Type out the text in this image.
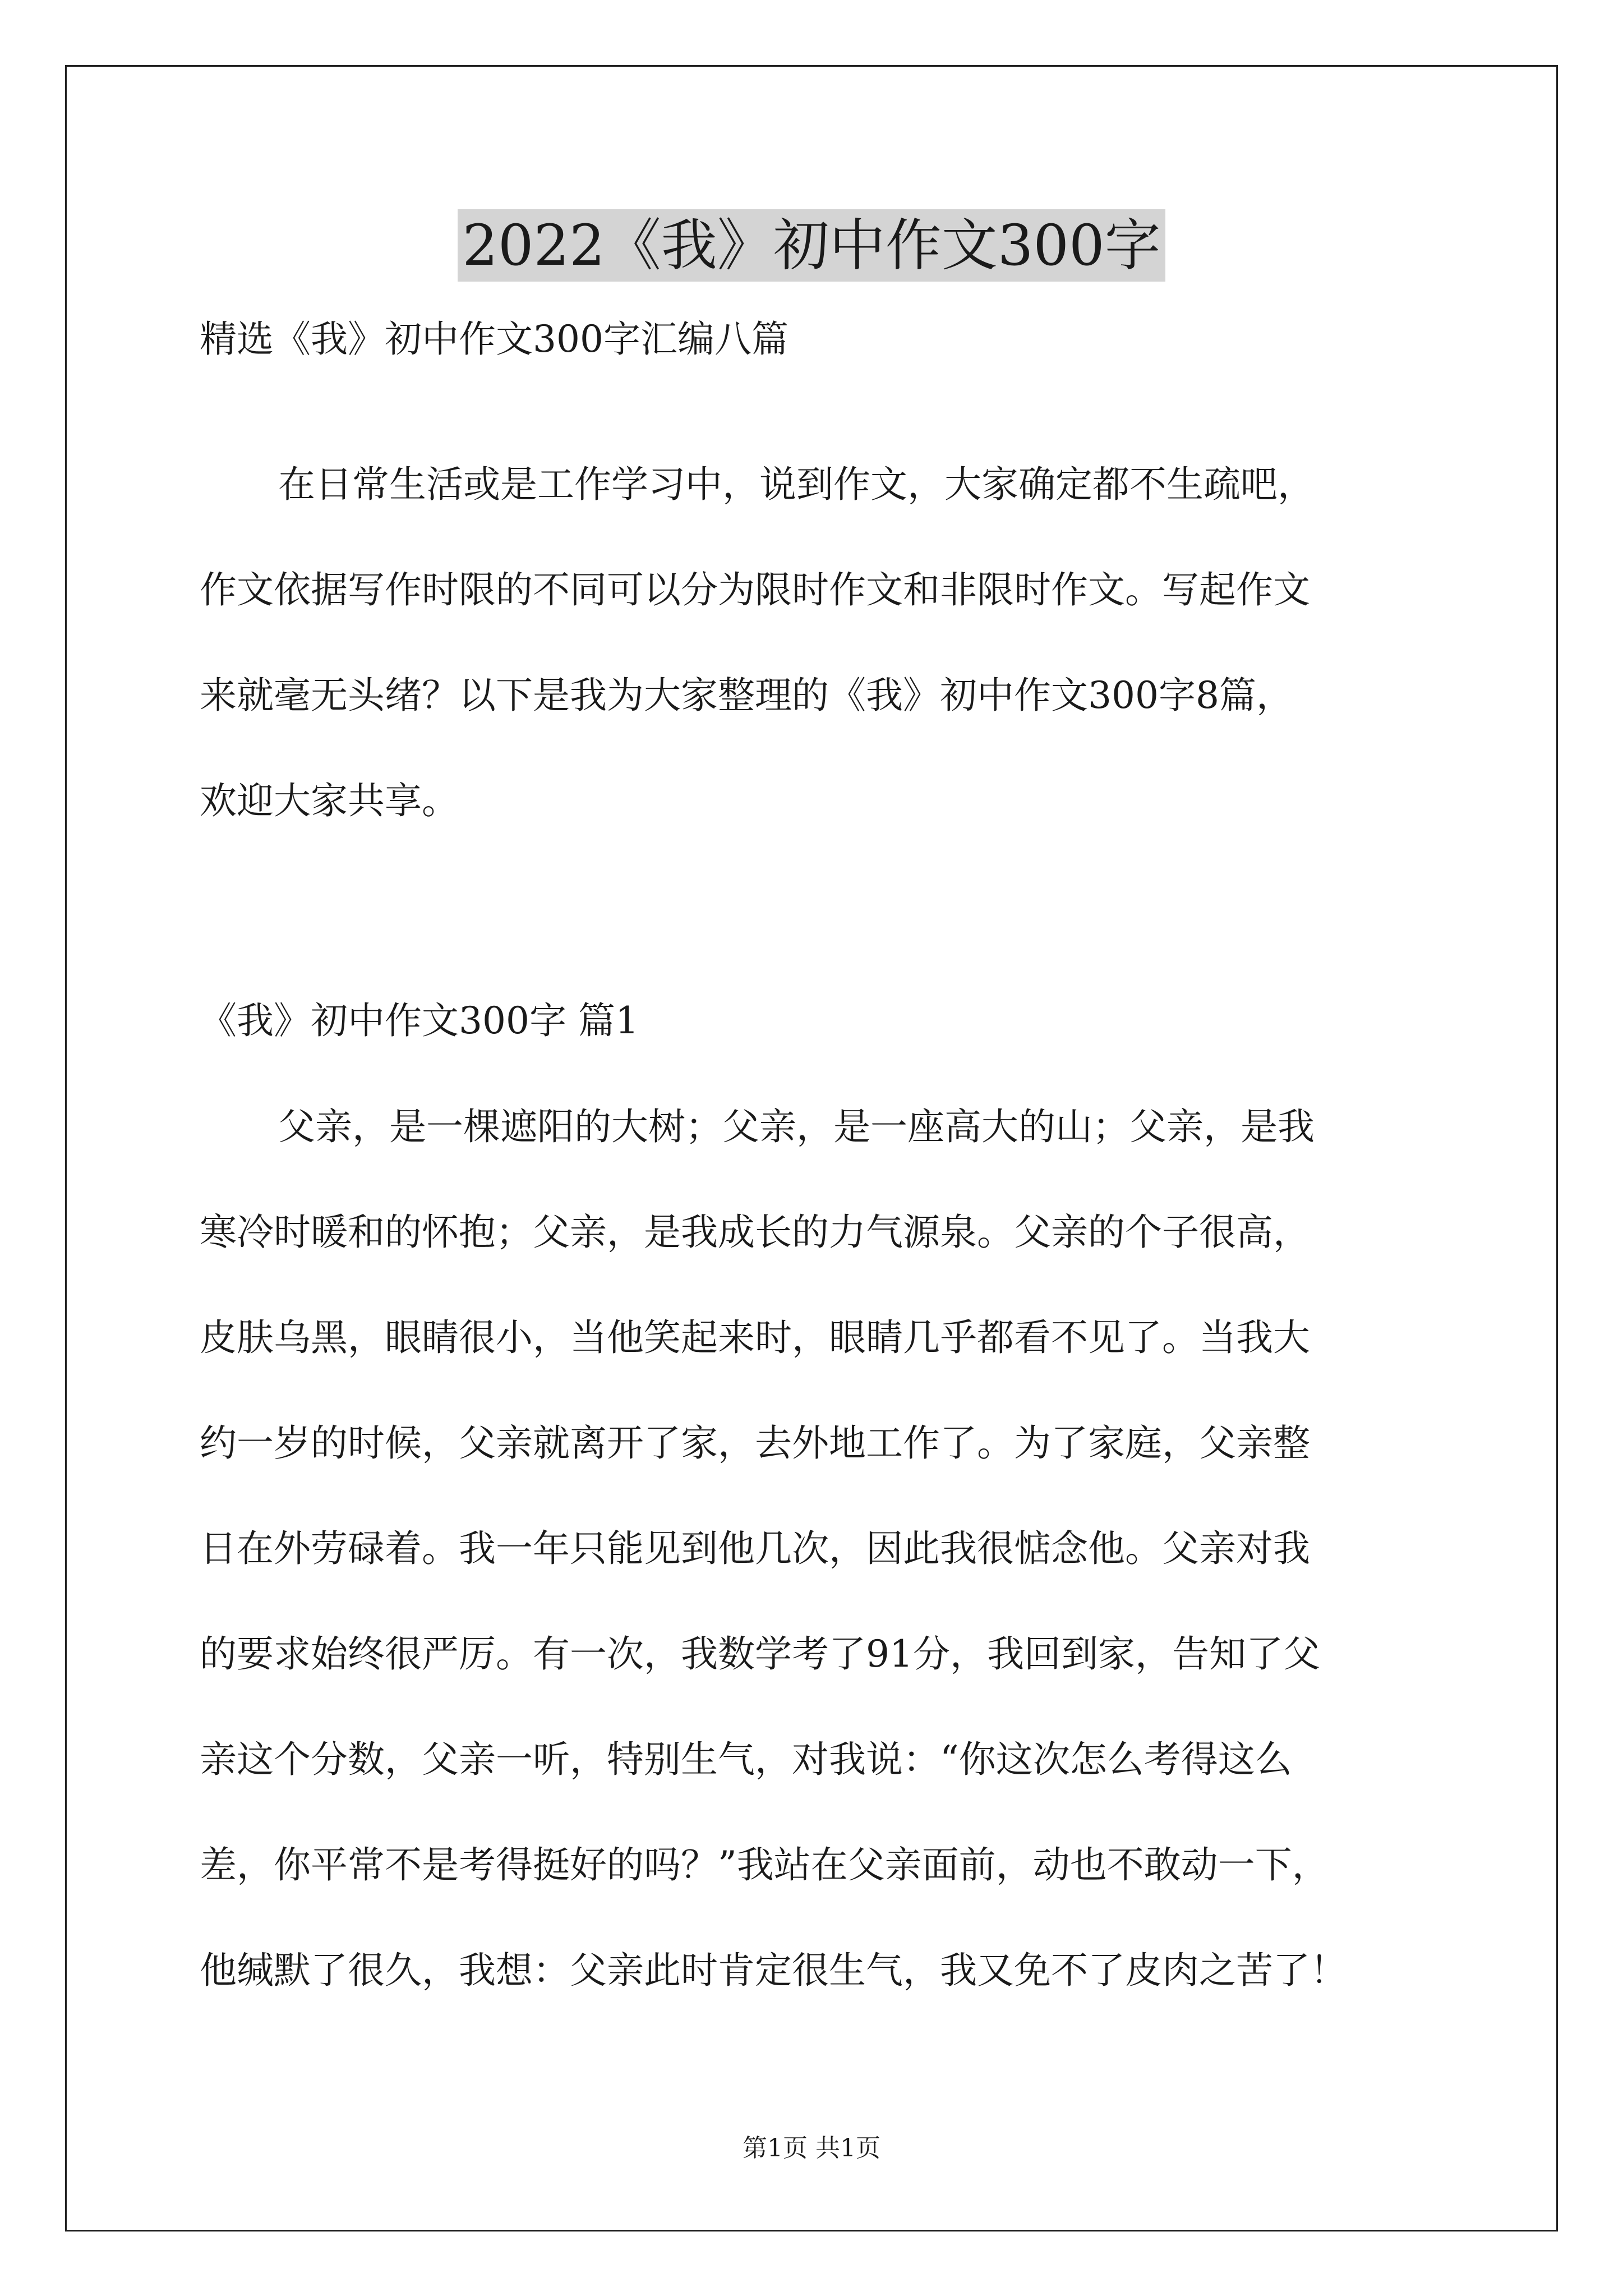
2022《我》初中作文300字

精选《我》初中作文300字汇编八篇

在日常生活或是工作学习中，说到作文，大家确定都不生疏吧，
作文依据写作时限的不同可以分为限时作文和非限时作文。写起作文
来就毫无头绪？以下是我为大家整理的《我》初中作文300字8篇，
欢迎大家共享。
《我》初中作文300字 篇1
父亲，是一棵遮阳的大树；父亲，是一座高大的山；父亲，是我
寒冷时暖和的怀抱；父亲，是我成长的力气源泉。父亲的个子很高，
皮肤乌黑，眼睛很小，当他笑起来时，眼睛几乎都看不见了。当我大
约一岁的时候，父亲就离开了家，去外地工作了。为了家庭，父亲整
日在外劳碌着。我一年只能见到他几次，因此我很惦念他。父亲对我
的要求始终很严厉。有一次，我数学考了91分，我回到家，告知了父
亲这个分数，父亲一听，特别生气，对我说：“你这次怎么考得这么
差，你平常不是考得挺好的吗？”我站在父亲面前，动也不敢动一下，
他缄默了很久，我想：父亲此时肯定很生气，我又免不了皮肉之苦了！
第1页 共1页
